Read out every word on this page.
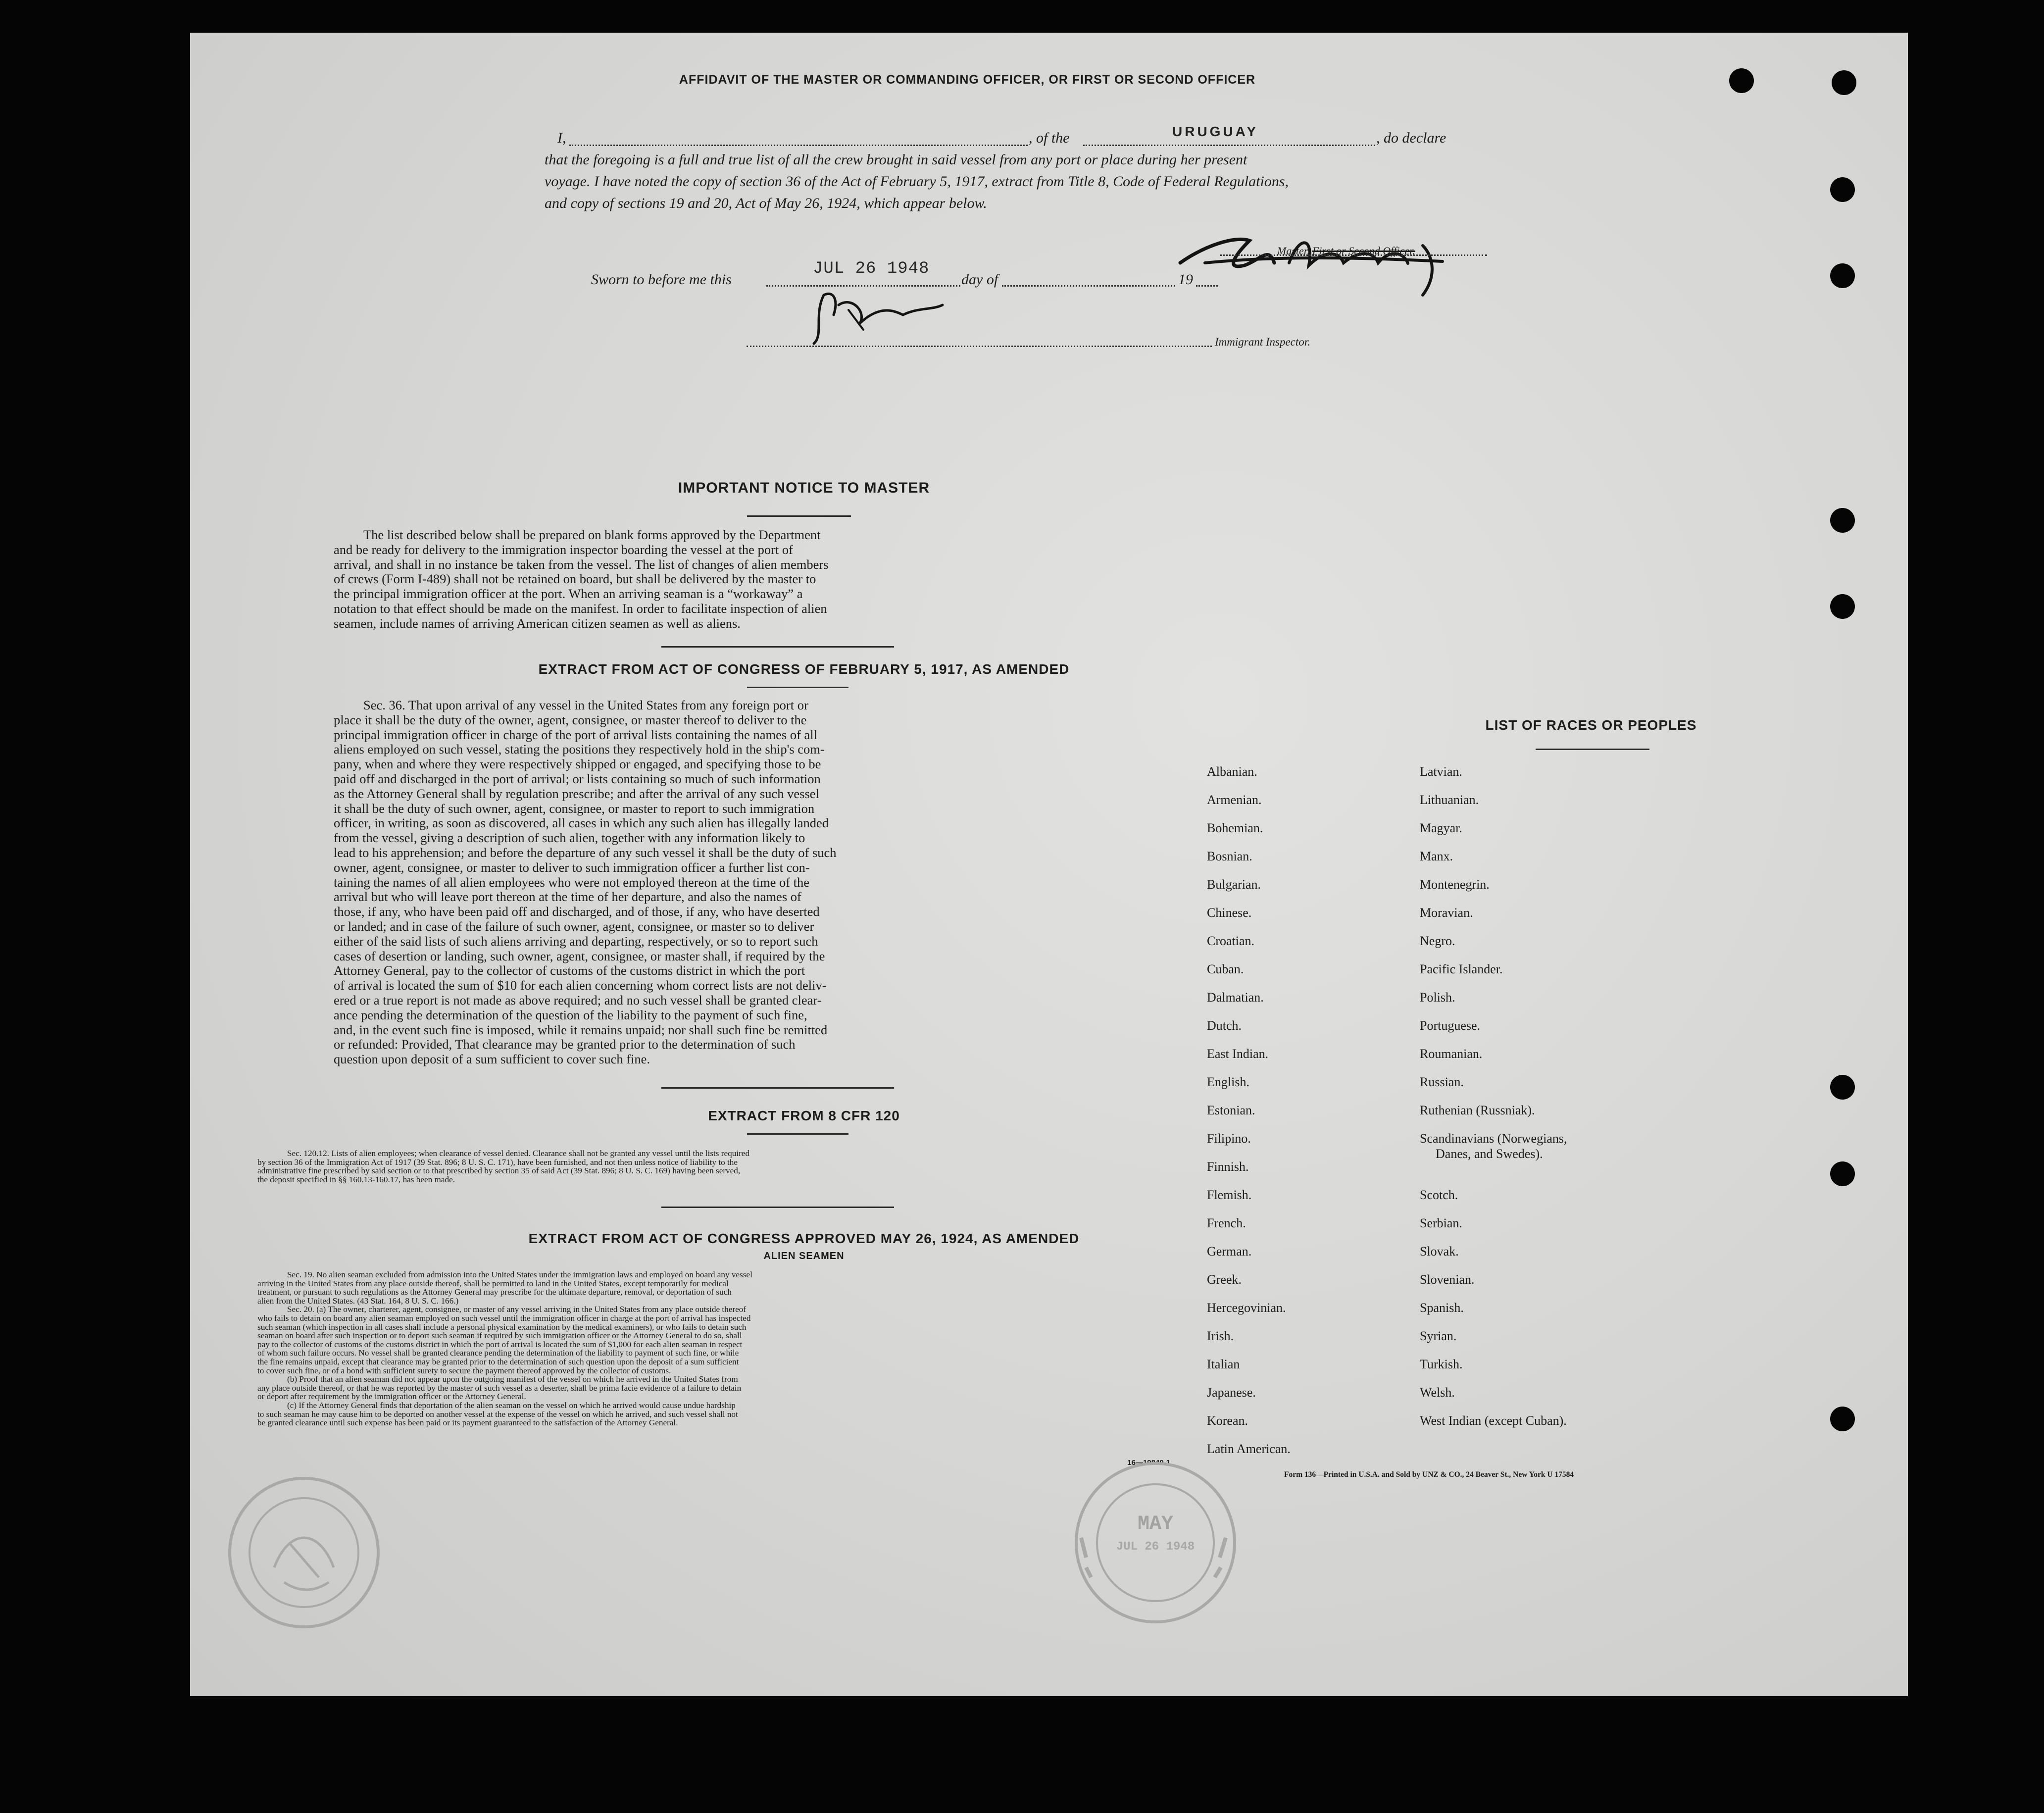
AFFIDAVIT OF THE MASTER OR COMMANDING OFFICER, OR FIRST OR SECOND OFFICER
I,	, of the	URUGUAY	, do declare
that the foregoing is a full and true list of all the crew brought in said vessel from any port or place during her present
voyage. I have noted the copy of section 36 of the Act of February 5, 1917, extract from Title 8, Code of Federal Regulations,
and copy of sections 19 and 20, Act of May 26, 1924, which appear below.
Master, First or Second Officer.
Sworn to before me this
JUL 26 1948
day of	19
Immigrant Inspector.
IMPORTANT NOTICE TO MASTER
The list described below shall be prepared on blank forms approved by the Department
and be ready for delivery to the immigration inspector boarding the vessel at the port of
arrival, and shall in no instance be taken from the vessel. The list of changes of alien members
of crews (Form I-489) shall not be retained on board, but shall be delivered by the master to
the principal immigration officer at the port. When an arriving seaman is a “workaway” a
notation to that effect should be made on the manifest. In order to facilitate inspection of alien
seamen, include names of arriving American citizen seamen as well as aliens.
EXTRACT FROM ACT OF CONGRESS OF FEBRUARY 5, 1917, AS AMENDED
Sec. 36. That upon arrival of any vessel in the United States from any foreign port or
place it shall be the duty of the owner, agent, consignee, or master thereof to deliver to the
principal immigration officer in charge of the port of arrival lists containing the names of all
aliens employed on such vessel, stating the positions they respectively hold in the ship's com-
pany, when and where they were respectively shipped or engaged, and specifying those to be
paid off and discharged in the port of arrival; or lists containing so much of such information
as the Attorney General shall by regulation prescribe; and after the arrival of any such vessel
it shall be the duty of such owner, agent, consignee, or master to report to such immigration
officer, in writing, as soon as discovered, all cases in which any such alien has illegally landed
from the vessel, giving a description of such alien, together with any information likely to
lead to his apprehension; and before the departure of any such vessel it shall be the duty of such
owner, agent, consignee, or master to deliver to such immigration officer a further list con-
taining the names of all alien employees who were not employed thereon at the time of the
arrival but who will leave port thereon at the time of her departure, and also the names of
those, if any, who have been paid off and discharged, and of those, if any, who have deserted
or landed; and in case of the failure of such owner, agent, consignee, or master so to deliver
either of the said lists of such aliens arriving and departing, respectively, or so to report such
cases of desertion or landing, such owner, agent, consignee, or master shall, if required by the
Attorney General, pay to the collector of customs of the customs district in which the port
of arrival is located the sum of $10 for each alien concerning whom correct lists are not deliv-
ered or a true report is not made as above required; and no such vessel shall be granted clear-
ance pending the determination of the question of the liability to the payment of such fine,
and, in the event such fine is imposed, while it remains unpaid; nor shall such fine be remitted
or refunded: Provided, That clearance may be granted prior to the determination of such
question upon deposit of a sum sufficient to cover such fine.
EXTRACT FROM 8 CFR 120
Sec. 120.12. Lists of alien employees; when clearance of vessel denied. Clearance shall not be granted any vessel until the lists required
by section 36 of the Immigration Act of 1917 (39 Stat. 896; 8 U. S. C. 171), have been furnished, and not then unless notice of liability to the
administrative fine prescribed by said section or to that prescribed by section 35 of said Act (39 Stat. 896; 8 U. S. C. 169) having been served,
the deposit specified in §§ 160.13-160.17, has been made.
EXTRACT FROM ACT OF CONGRESS APPROVED MAY 26, 1924, AS AMENDED
ALIEN SEAMEN
Sec. 19. No alien seaman excluded from admission into the United States under the immigration laws and employed on board any vessel
arriving in the United States from any place outside thereof, shall be permitted to land in the United States, except temporarily for medical
treatment, or pursuant to such regulations as the Attorney General may prescribe for the ultimate departure, removal, or deportation of such
alien from the United States. (43 Stat. 164, 8 U. S. C. 166.)
Sec. 20. (a) The owner, charterer, agent, consignee, or master of any vessel arriving in the United States from any place outside thereof
who fails to detain on board any alien seaman employed on such vessel until the immigration officer in charge at the port of arrival has inspected
such seaman (which inspection in all cases shall include a personal physical examination by the medical examiners), or who fails to detain such
seaman on board after such inspection or to deport such seaman if required by such immigration officer or the Attorney General to do so, shall
pay to the collector of customs of the customs district in which the port of arrival is located the sum of $1,000 for each alien seaman in respect
of whom such failure occurs. No vessel shall be granted clearance pending the determination of the liability to payment of such fine, or while
the fine remains unpaid, except that clearance may be granted prior to the determination of such question upon the deposit of a sum sufficient
to cover such fine, or of a bond with sufficient surety to secure the payment thereof approved by the collector of customs.
(b) Proof that an alien seaman did not appear upon the outgoing manifest of the vessel on which he arrived in the United States from
any place outside thereof, or that he was reported by the master of such vessel as a deserter, shall be prima facie evidence of a failure to detain
or deport after requirement by the immigration officer or the Attorney General.
(c) If the Attorney General finds that deportation of the alien seaman on the vessel on which he arrived would cause undue hardship
to such seaman he may cause him to be deported on another vessel at the expense of the vessel on which he arrived, and such vessel shall not
be granted clearance until such expense has been paid or its payment guaranteed to the satisfaction of the Attorney General.
16—19849-1
LIST OF RACES OR PEOPLES
Albanian.
Armenian.
Bohemian.
Bosnian.
Bulgarian.
Chinese.
Croatian.
Cuban.
Dalmatian.
Dutch.
East Indian.
English.
Estonian.
Filipino.
Finnish.
Flemish.
French.
German.
Greek.
Hercegovinian.
Irish.
Italian
Japanese.
Korean.
Latin American.
Latvian.
Lithuanian.
Magyar.
Manx.
Montenegrin.
Moravian.
Negro.
Pacific Islander.
Polish.
Portuguese.
Roumanian.
Russian.
Ruthenian (Russniak).
Scandinavians (Norwegians,
Danes, and Swedes).
Scotch.
Serbian.
Slovak.
Slovenian.
Spanish.
Syrian.
Turkish.
Welsh.
West Indian (except Cuban).
Form 136—Printed in U.S.A. and Sold by UNZ & CO., 24 Beaver St., New York U 17584
MAY
JUL 26 1948
